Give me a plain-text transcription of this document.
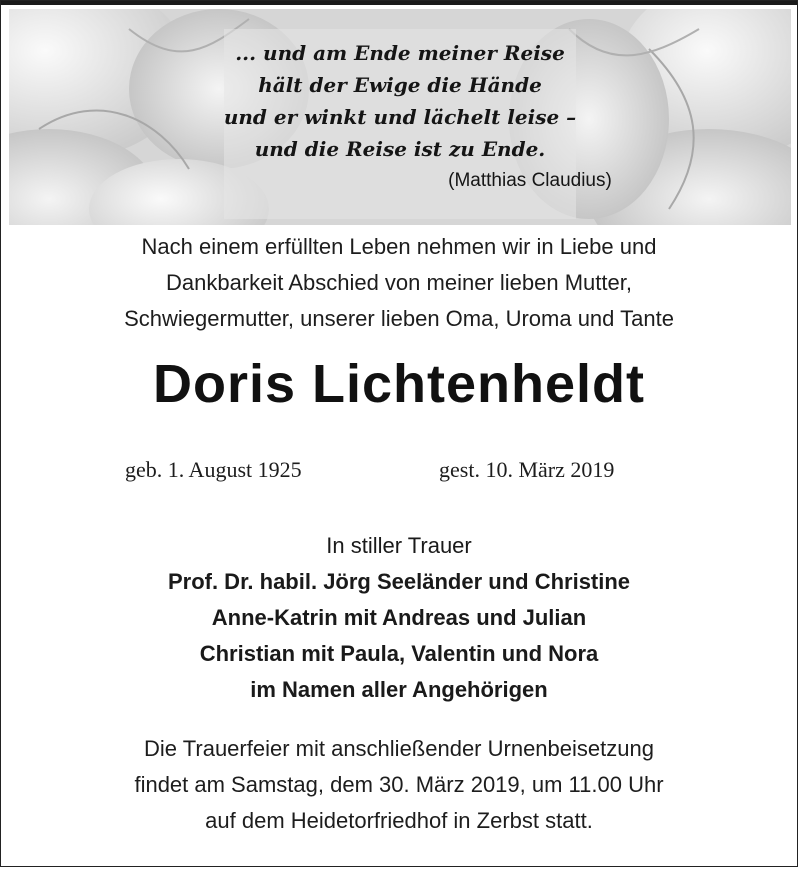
... und am Ende meiner Reise
hält der Ewige die Hände
und er winkt und lächelt leise –
und die Reise ist zu Ende.
(Matthias Claudius)
Nach einem erfüllten Leben nehmen wir in Liebe und
Dankbarkeit Abschied von meiner lieben Mutter,
Schwiegermutter, unserer lieben Oma, Uroma und Tante
Doris Lichtenheldt
geb. 1. August 1925	gest. 10. März 2019
In stiller Trauer
Prof. Dr. habil. Jörg Seeländer und Christine
Anne-Katrin mit Andreas und Julian
Christian mit Paula, Valentin und Nora
im Namen aller Angehörigen
Die Trauerfeier mit anschließender Urnenbeisetzung
findet am Samstag, dem 30. März 2019, um 11.00 Uhr
auf dem Heidetorfriedhof in Zerbst statt.
